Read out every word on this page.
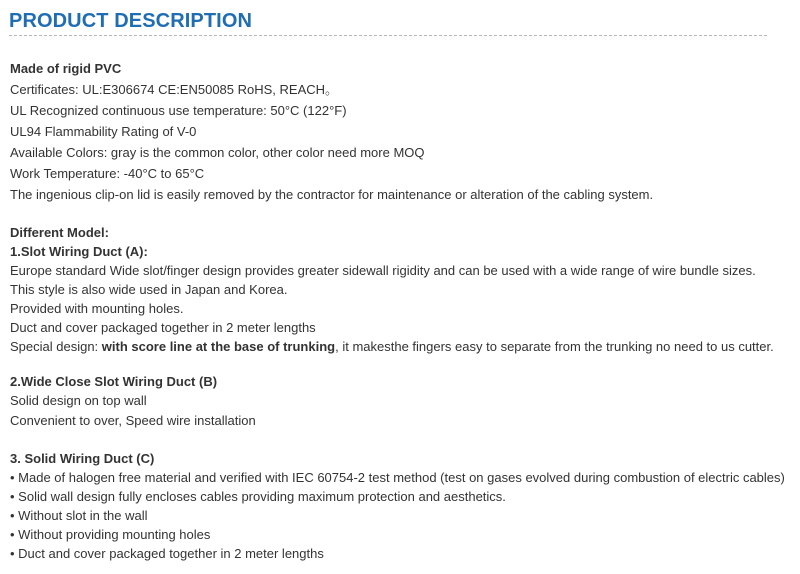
PRODUCT DESCRIPTION
Made of rigid PVC
Certificates: UL:E306674 CE:EN50085 RoHS, REACH。
UL Recognized continuous use temperature: 50°C (122°F)
UL94 Flammability Rating of V-0
Available Colors: gray is the common color, other color need more MOQ
Work Temperature: -40°C to 65°C
The ingenious clip-on lid is easily removed by the contractor for maintenance or alteration of the cabling system.
Different Model:
1.Slot Wiring Duct (A):
Europe standard Wide slot/finger design provides greater sidewall rigidity and can be used with a wide range of wire bundle sizes.
This style is also wide used in Japan and Korea.
Provided with mounting holes.
Duct and cover packaged together in 2 meter lengths
Special design: with score line at the base of trunking, it makesthe fingers easy to separate from the trunking no need to us cutter.
2.Wide Close Slot Wiring Duct (B)
Solid design on top wall
Convenient to over, Speed wire installation
3. Solid Wiring Duct (C)
• Made of halogen free material and verified with IEC 60754-2 test method (test on gases evolved during combustion of electric cables)
• Solid wall design fully encloses cables providing maximum protection and aesthetics.
• Without slot in the wall
• Without providing mounting holes
• Duct and cover packaged together in 2 meter lengths
